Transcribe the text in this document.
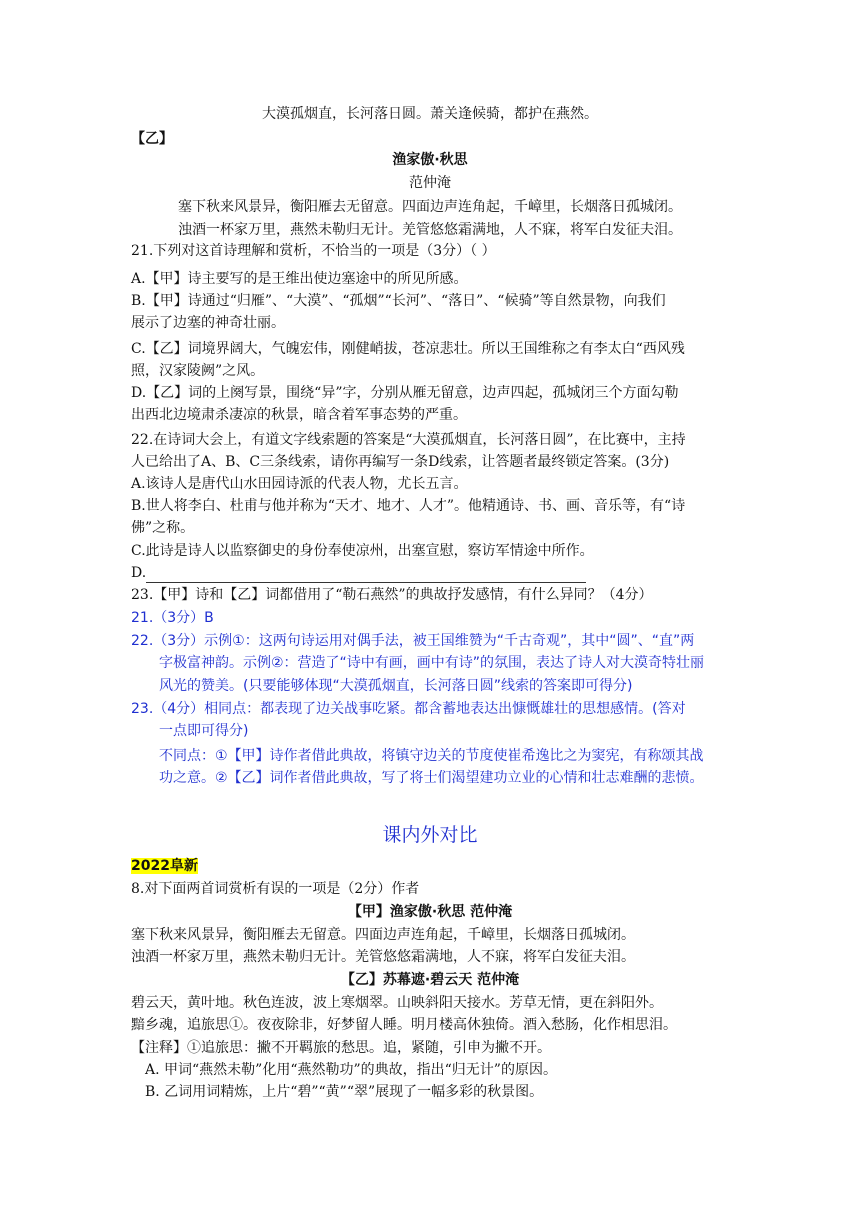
大漠孤烟直，长河落日圆。萧关逢候骑，都护在燕然。
【乙】
渔家傲·秋思
范仲淹
塞下秋来风景异，衡阳雁去无留意。四面边声连角起，千嶂里，长烟落日孤城闭。
浊酒一杯家万里，燕然未勒归无计。羌管悠悠霜满地，人不寐，将军白发征夫泪。
21.下列对这首诗理解和赏析，不恰当的一项是（3分）（ ）
A.【甲】诗主要写的是王维出使边塞途中的所见所感。
B.【甲】诗通过“归雁”、“大漠”、“孤烟”“长河”、“落日”、“候骑”等自然景物，向我们
展示了边塞的神奇壮丽。
C.【乙】词境界阔大，气魄宏伟，刚健峭拔，苍凉悲壮。所以王国维称之有李太白“西风残
照，汉家陵阙”之风。
D.【乙】词的上阕写景，围绕“异”字，分别从雁无留意，边声四起，孤城闭三个方面勾勒
出西北边境肃杀凄凉的秋景，暗含着军事态势的严重。
22.在诗词大会上，有道文字线索题的答案是“大漠孤烟直，长河落日圆”，在比赛中，主持
人已给出了A、B、C三条线索，请你再编写一条D线索，让答题者最终锁定答案。(3分)
A.该诗人是唐代山水田园诗派的代表人物，尤长五言。
B.世人将李白、杜甫与他并称为“天才、地才、人才”。他精通诗、书、画、音乐等，有“诗
佛”之称。
C.此诗是诗人以监察御史的身份奉使凉州，出塞宣慰，察访军情途中所作。
D.
23.【甲】诗和【乙】词都借用了“勒石燕然”的典故抒发感情，有什么异同？（4分）
21.（3分）B
22.（3分）示例①：这两句诗运用对偶手法，被王国维赞为“千古奇观”，其中“圆”、“直”两
字极富神韵。示例②：营造了“诗中有画，画中有诗”的氛围，表达了诗人对大漠奇特壮丽
风光的赞美。(只要能够体现“大漠孤烟直，长河落日圆”线索的答案即可得分)
23.（4分）相同点：都表现了边关战事吃紧。都含蓄地表达出慷慨雄壮的思想感情。(答对
一点即可得分)
不同点：①【甲】诗作者借此典故，将镇守边关的节度使崔希逸比之为窦宪，有称颂其战
功之意。②【乙】词作者借此典故，写了将士们渴望建功立业的心情和壮志难酬的悲愤。
课内外对比
2022阜新
8.对下面两首词赏析有误的一项是（2分）作者
【甲】渔家傲·秋思 范仲淹
塞下秋来风景异，衡阳雁去无留意。四面边声连角起，千嶂里，长烟落日孤城闭。
浊酒一杯家万里，燕然未勒归无计。羌管悠悠霜满地，人不寐，将军白发征夫泪。
【乙】苏幕遮·碧云天 范仲淹
碧云天，黄叶地。秋色连波，波上寒烟翠。山映斜阳天接水。芳草无情，更在斜阳外。
黯乡魂，追旅思①。夜夜除非，好梦留人睡。明月楼高休独倚。酒入愁肠，化作相思泪。
【注释】①追旅思：撇不开羁旅的愁思。追，紧随，引申为撇不开。
A. 甲词“燕然未勒”化用“燕然勒功”的典故，指出“归无计”的原因。
B. 乙词用词精炼，上片“碧”“黄”“翠”展现了一幅多彩的秋景图。
